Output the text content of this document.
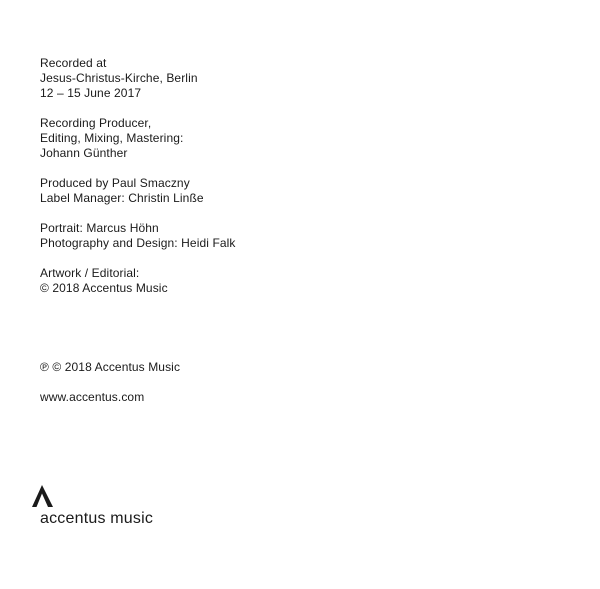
Recorded at
Jesus-Christus-Kirche, Berlin
12 – 15 June 2017
Recording Producer,
Editing, Mixing, Mastering:
Johann Günther
Produced by Paul Smaczny
Label Manager: Christin Linße
Portrait: Marcus Höhn
Photography and Design: Heidi Falk
Artwork / Editorial:
© 2018 Accentus Music
℗ © 2018 Accentus Music
www.accentus.com
accentus music
